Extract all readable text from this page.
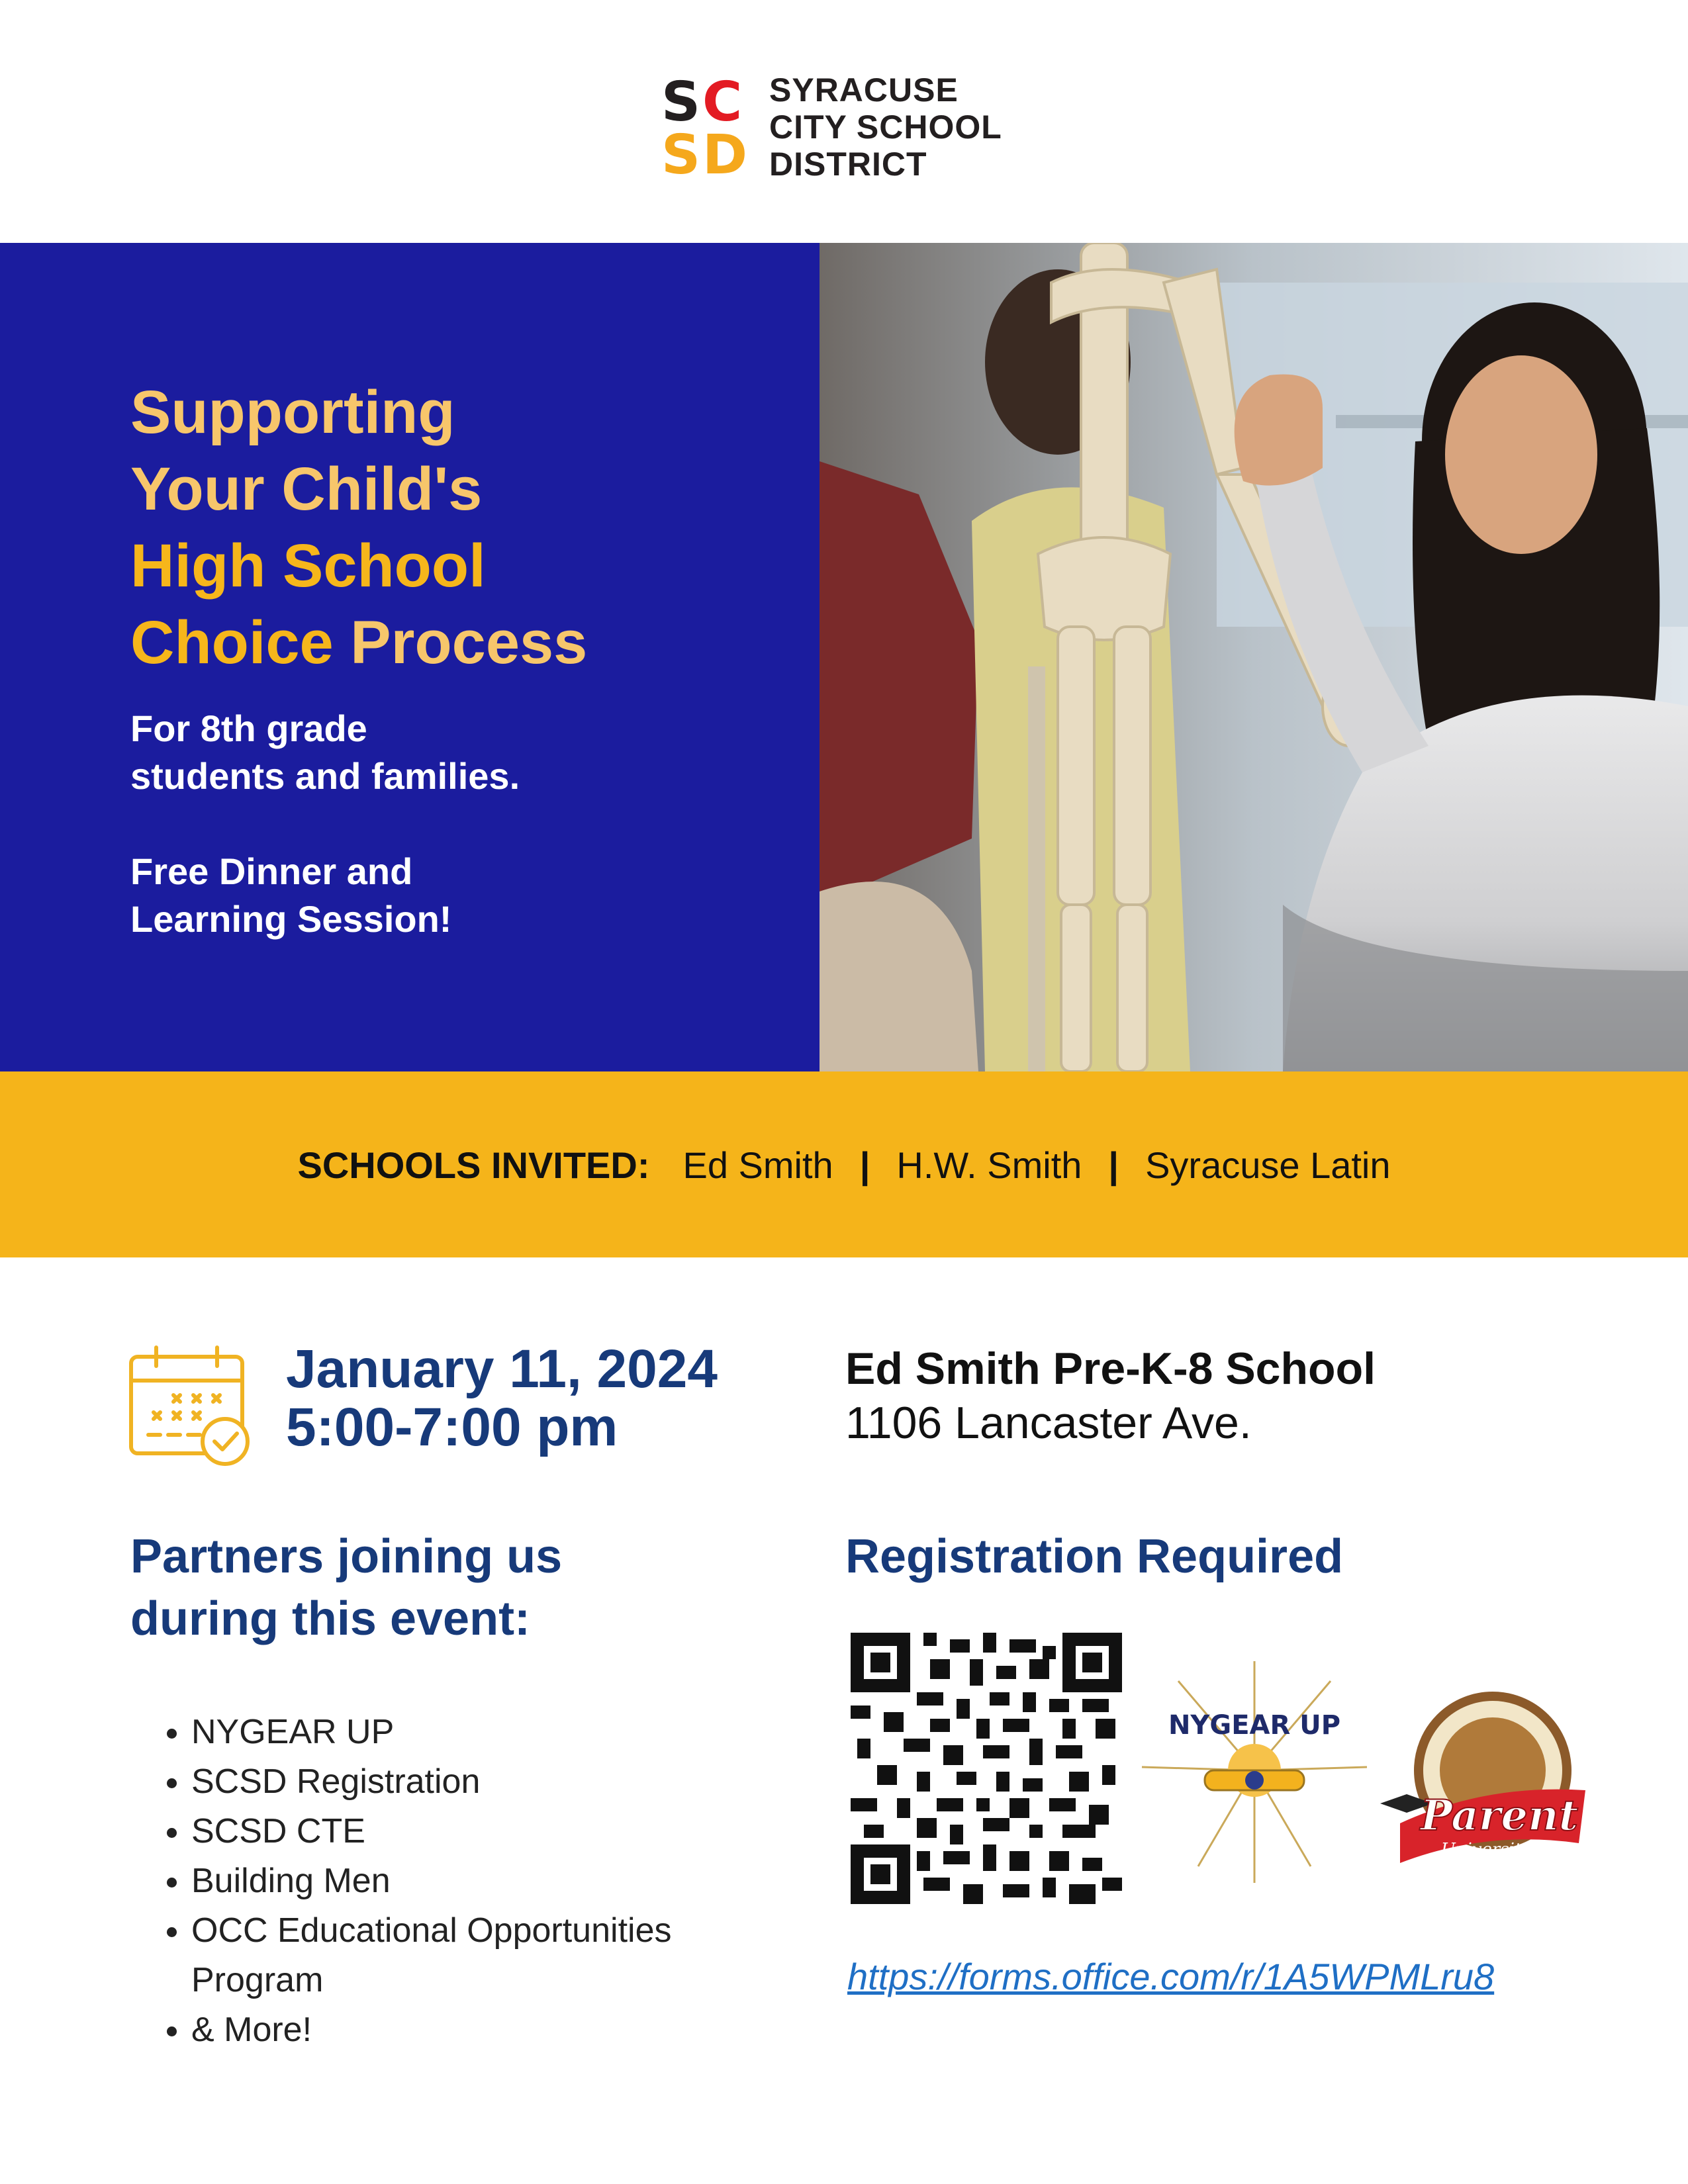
S C
S D
SYRACUSE
CITY SCHOOL
DISTRICT
Supporting
Your Child's
High School
Choice Process
For 8th grade
students and families.
Free Dinner and
Learning Session!
SCHOOLS INVITED: Ed Smith | H.W. Smith | Syracuse Latin
January 11, 2024
5:00-7:00 pm
Ed Smith Pre-K-8 School
1106 Lancaster Ave.
Partners joining us
during this event:
• NYGEAR UP
• SCSD Registration
• SCSD CTE
• Building Men
• OCC Educational Opportunities Program
• & More!
Registration Required
NYGEAR UP
Parent
University
https://forms.office.com/r/1A5WPMLru8
